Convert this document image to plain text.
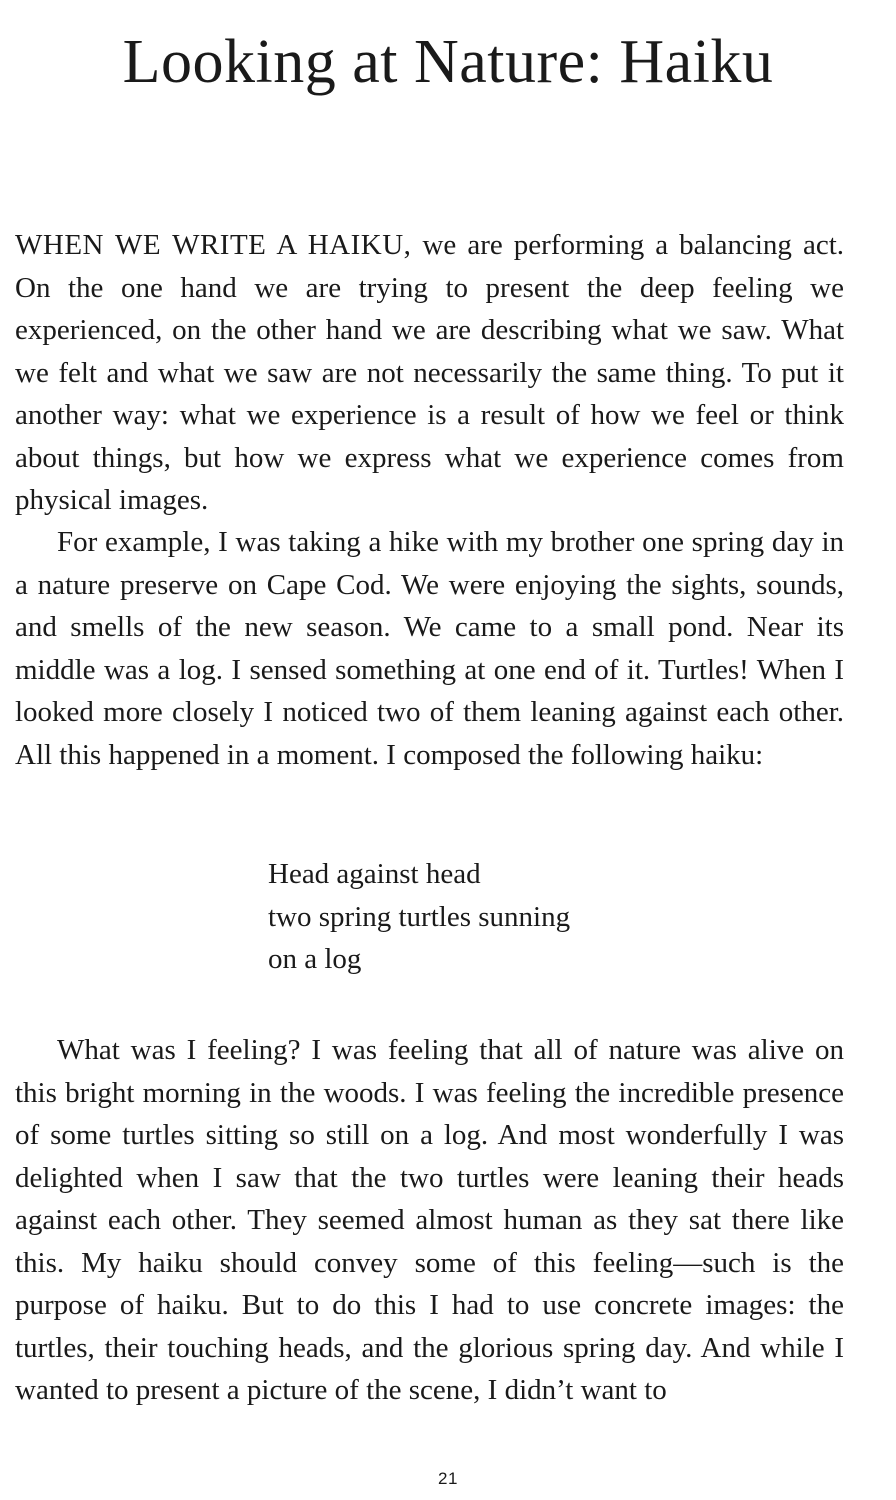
Looking at Nature: Haiku

WHEN WE WRITE A HAIKU, we are performing a balancing act. On the one hand we are trying to present the deep feeling we experienced, on the other hand we are describing what we saw. What we felt and what we saw are not necessarily the same thing. To put it another way: what we experience is a result of how we feel or think about things, but how we express what we experience comes from physical images.

For example, I was taking a hike with my brother one spring day in a nature preserve on Cape Cod. We were enjoying the sights, sounds, and smells of the new season. We came to a small pond. Near its middle was a log. I sensed something at one end of it. Turtles! When I looked more closely I noticed two of them leaning against each other. All this happened in a moment. I composed the following haiku:

Head against head
two spring turtles sunning
on a log

What was I feeling? I was feeling that all of nature was alive on this bright morning in the woods. I was feeling the incredible presence of some turtles sitting so still on a log. And most wonderfully I was delighted when I saw that the two turtles were leaning their heads against each other. They seemed almost human as they sat there like this. My haiku should convey some of this feeling—such is the purpose of haiku. But to do this I had to use concrete images: the turtles, their touching heads, and the glorious spring day. And while I wanted to present a picture of the scene, I didn’t want to

21
